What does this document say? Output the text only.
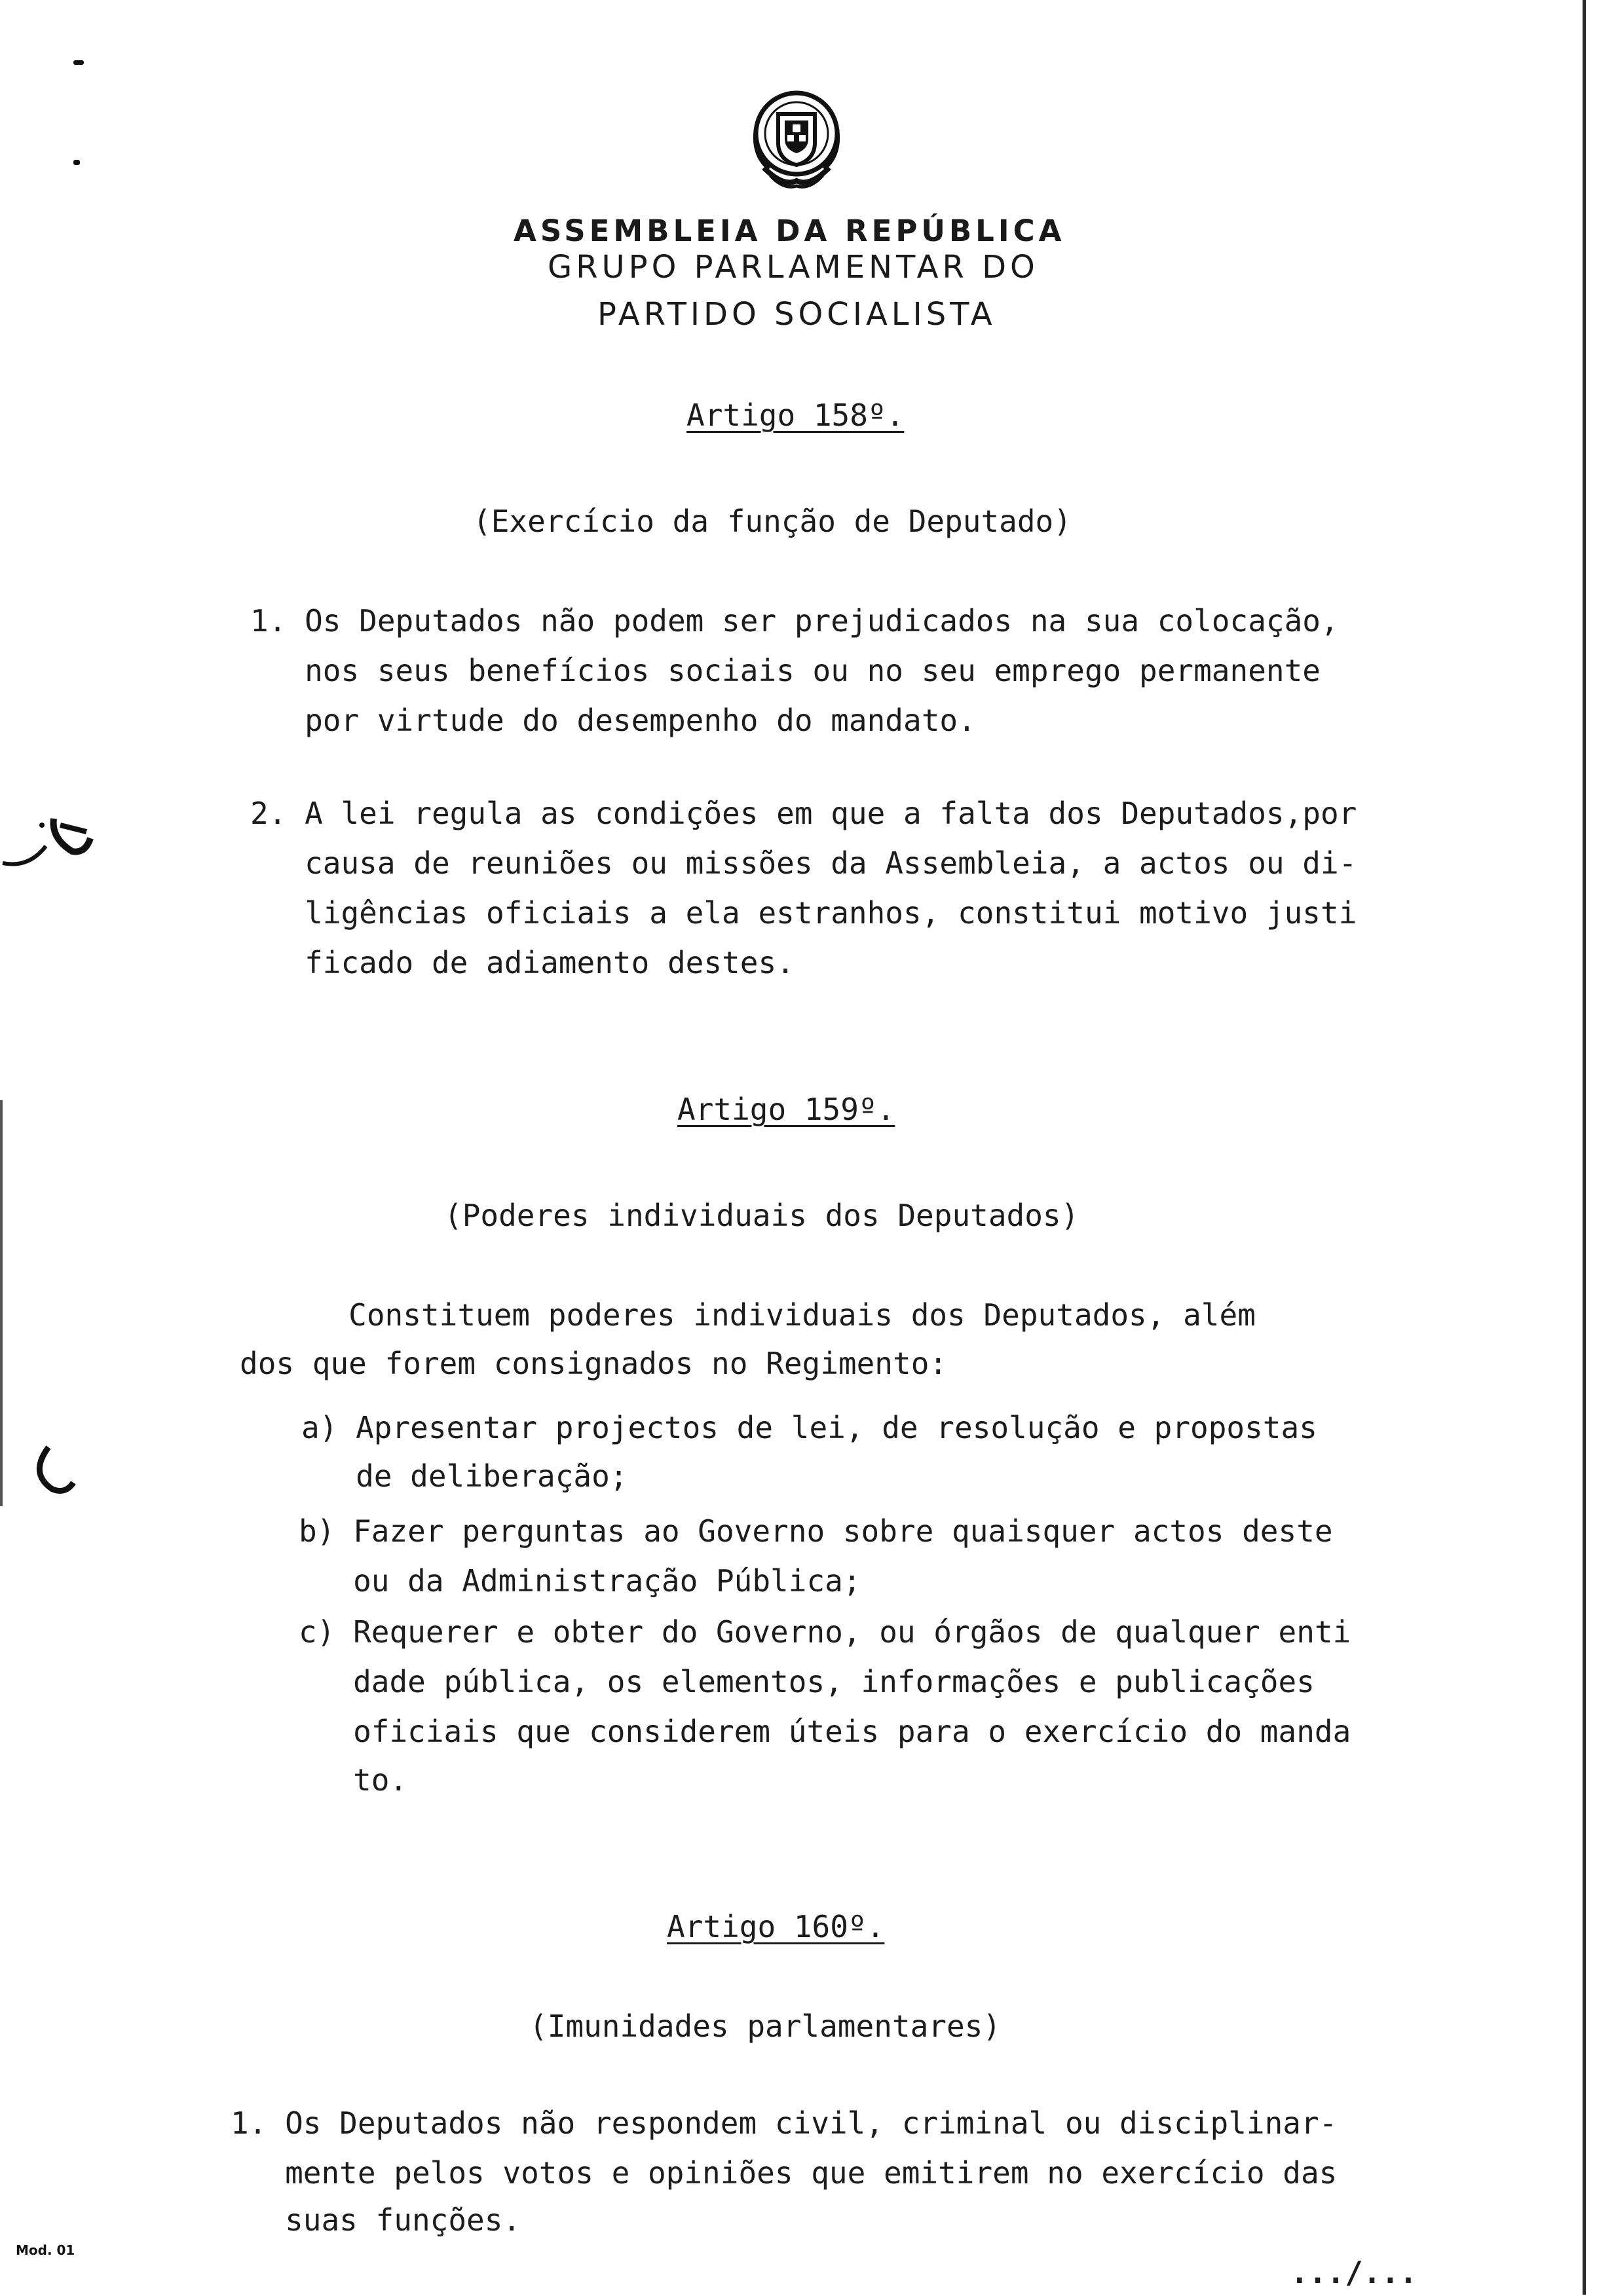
ASSEMBLEIA DA REPÚBLICA
GRUPO PARLAMENTAR DO
PARTIDO SOCIALISTA
Artigo 158º.
(Exercício da função de Deputado)
1. Os Deputados não podem ser prejudicados na sua colocação,
nos seus benefícios sociais ou no seu emprego permanente
por virtude do desempenho do mandato.
2. A lei regula as condições em que a falta dos Deputados,por
causa de reuniões ou missões da Assembleia, a actos ou di-
ligências oficiais a ela estranhos, constitui motivo justi
ficado de adiamento destes.
Artigo 159º.
(Poderes individuais dos Deputados)
Constituem poderes individuais dos Deputados, além
dos que forem consignados no Regimento:
a) Apresentar projectos de lei, de resolução e propostas
de deliberação;
b) Fazer perguntas ao Governo sobre quaisquer actos deste
ou da Administração Pública;
c) Requerer e obter do Governo, ou órgãos de qualquer enti
dade pública, os elementos, informações e publicações
oficiais que considerem úteis para o exercício do manda
to.
Artigo 160º.
(Imunidades parlamentares)
1. Os Deputados não respondem civil, criminal ou disciplinar-
mente pelos votos e opiniões que emitirem no exercício das
suas funções.
.../...
Mod. 01
